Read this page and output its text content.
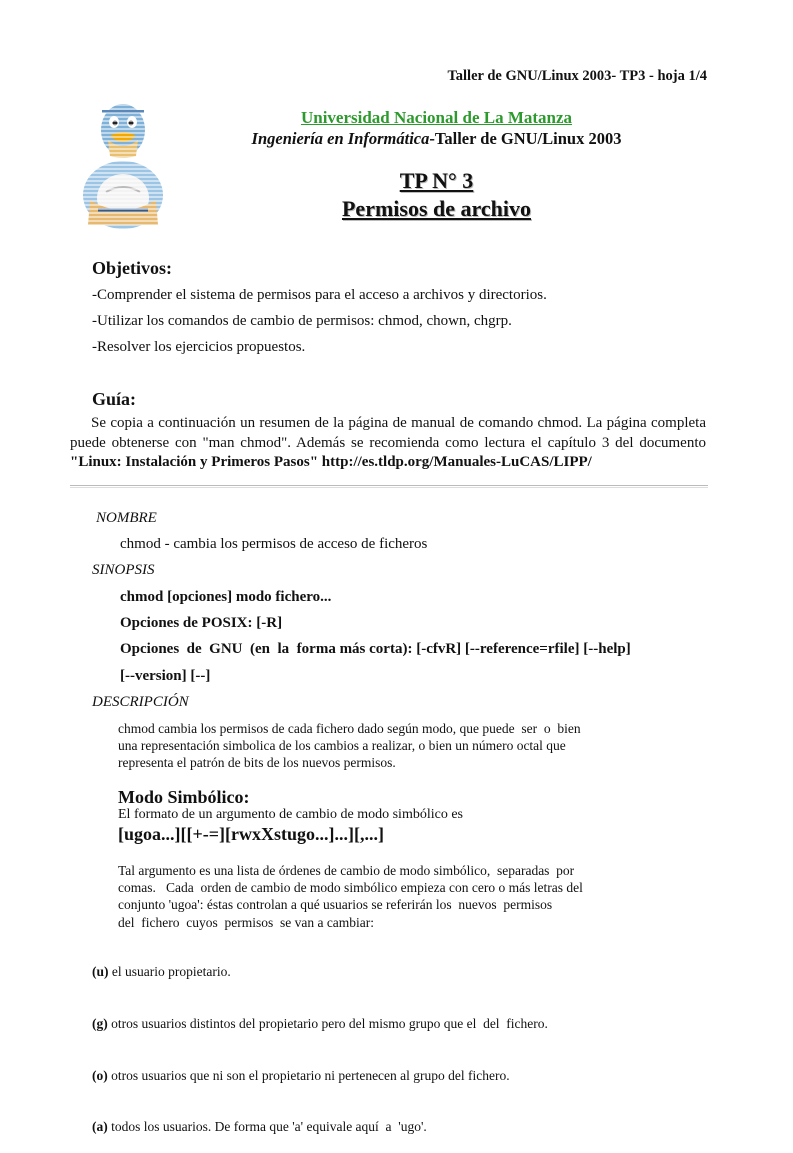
Taller de GNU/Linux 2003- TP3 - hoja 1/4
Universidad Nacional de La Matanza
Ingeniería en Informática-Taller de GNU/Linux 2003
TP N° 3
Permisos de archivo
Objetivos:
-Comprender el sistema de permisos para el acceso a archivos y directorios.
-Utilizar los comandos de cambio de permisos: chmod, chown, chgrp.
-Resolver los ejercicios propuestos.
Guía:
Se copia a continuación un resumen de la página de manual de comando chmod. La página completa puede obtenerse con "man chmod". Además se recomienda como lectura el capítulo 3 del documento "Linux: Instalación y Primeros Pasos" http://es.tldp.org/Manuales-LuCAS/LIPP/
NOMBRE
chmod - cambia los permisos de acceso de ficheros
SINOPSIS
chmod [opciones] modo fichero...
Opciones de POSIX: [-R]
Opciones  de  GNU  (en  la  forma más corta): [-cfvR] [--reference=rfile] [--help]
[--version] [--]
DESCRIPCIÓN
chmod cambia los permisos de cada fichero dado según modo, que puede  ser  o  bien
una representación simbolica de los cambios a realizar, o bien un número octal que
representa el patrón de bits de los nuevos permisos.
Modo Simbólico:
El formato de un argumento de cambio de modo simbólico es
[ugoa...][[+-=][rwxXstugo...]...][,...]
Tal argumento es una lista de órdenes de cambio de modo simbólico,  separadas  por
comas.   Cada  orden de cambio de modo simbólico empieza con cero o más letras del
conjunto 'ugoa': éstas controlan a qué usuarios se referirán los  nuevos  permisos
del  fichero  cuyos  permisos  se van a cambiar:

(u) el usuario propietario.

(g) otros usuarios distintos del propietario pero del mismo grupo que el  del  fichero.

(o) otros usuarios que ni son el propietario ni pertenecen al grupo del fichero.

(a) todos los usuarios. De forma que 'a' equivale aquí  a  'ugo'.
